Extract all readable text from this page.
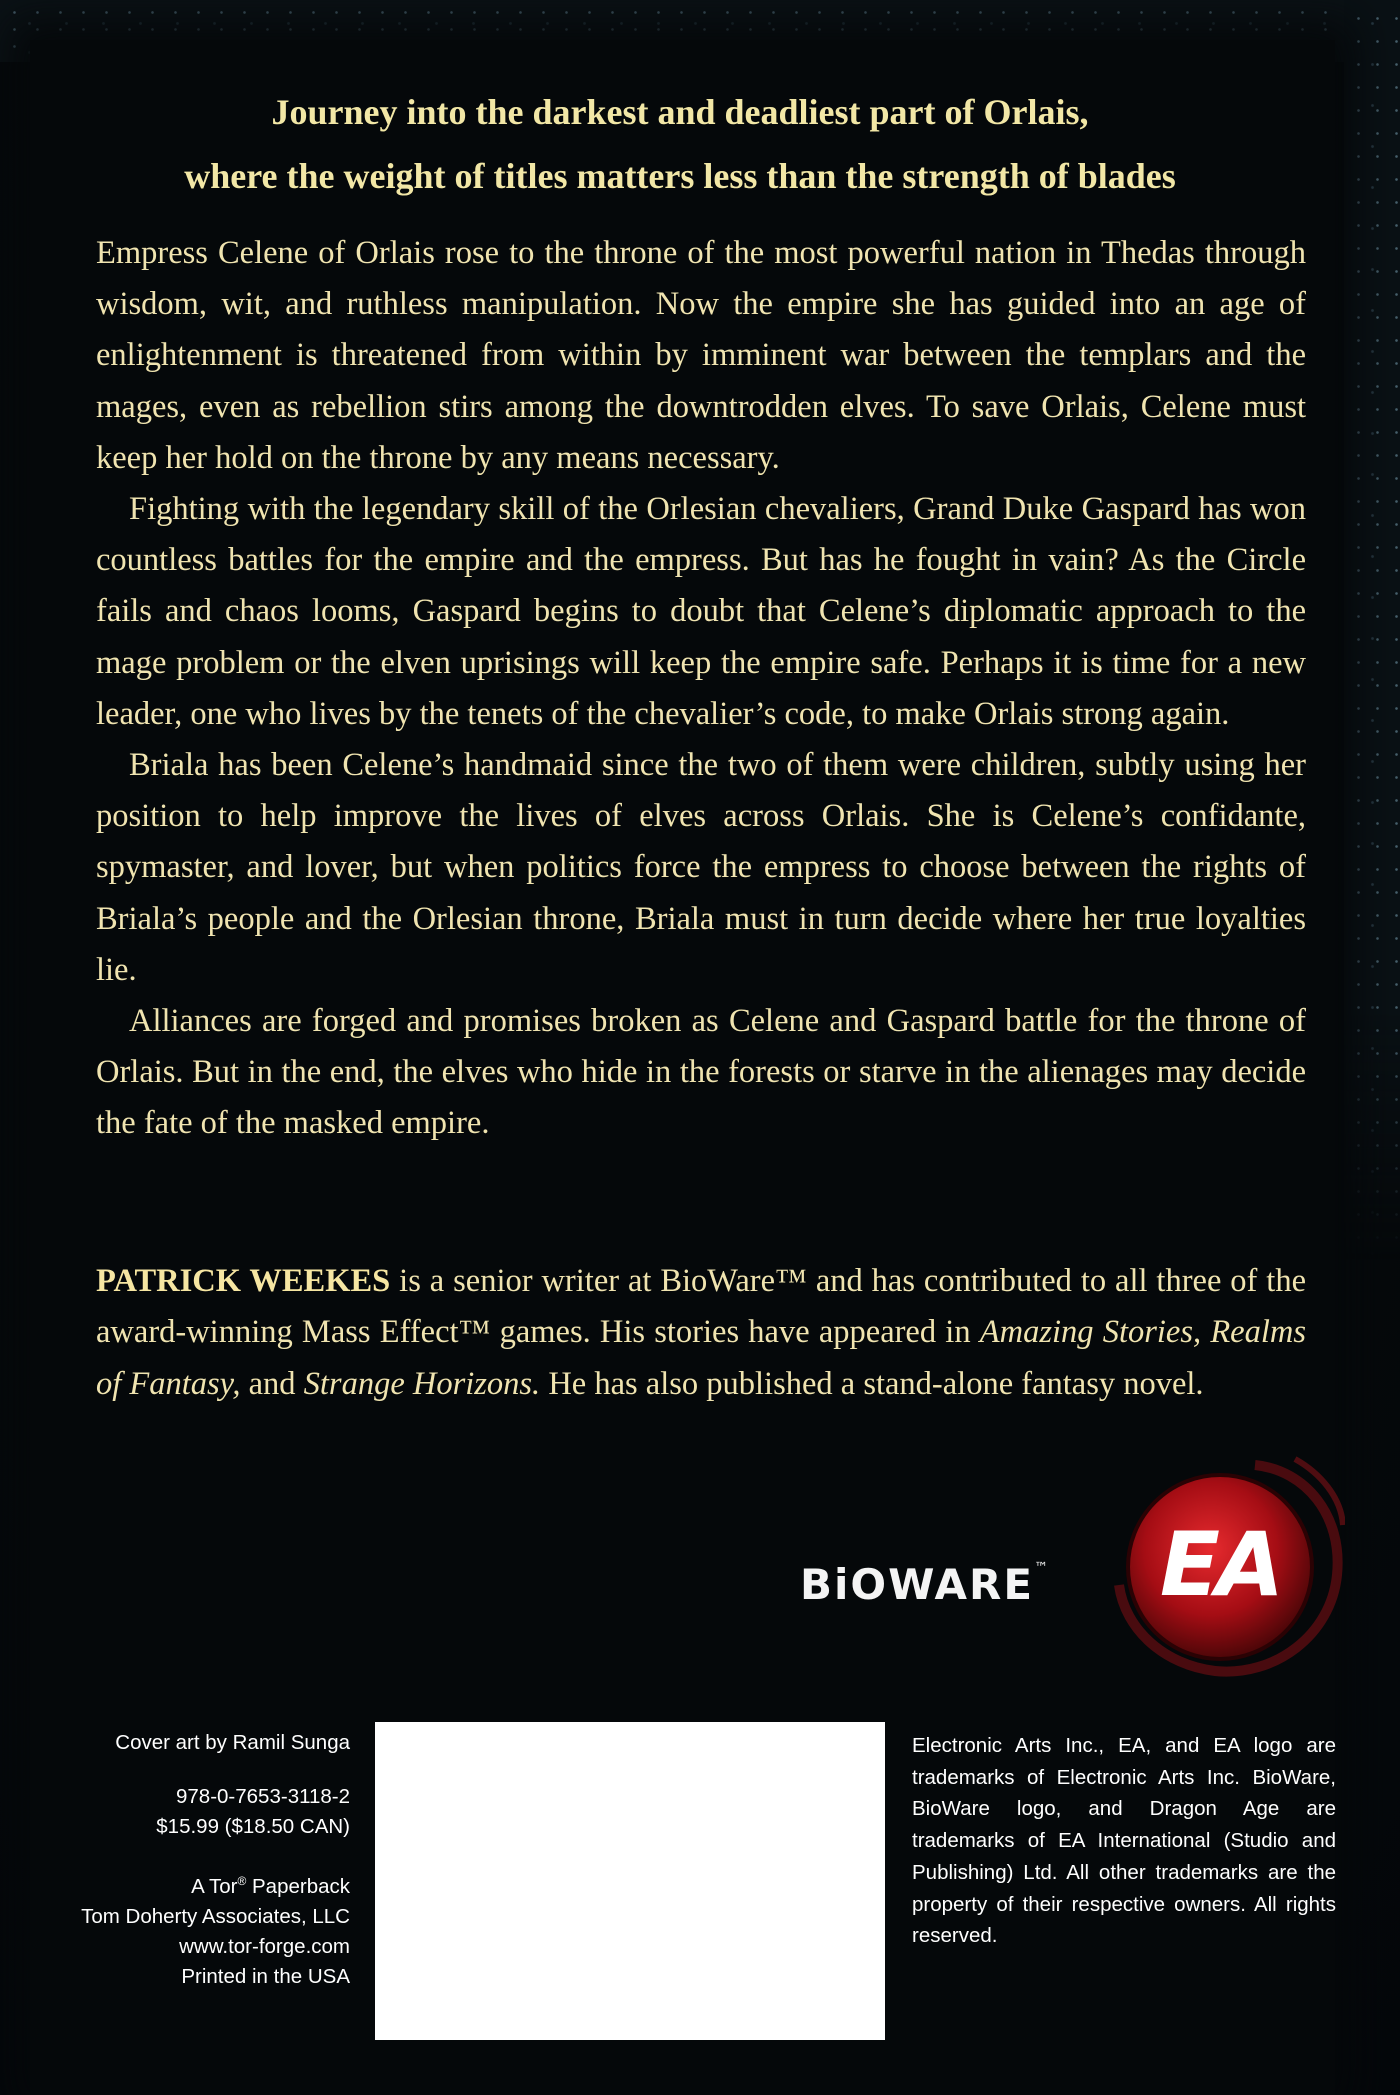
Journey into the darkest and deadliest part of Orlais,
where the weight of titles matters less than the strength of blades

Empress Celene of Orlais rose to the throne of the most powerful nation in Thedas through wisdom, wit, and ruthless manipulation. Now the empire she has guided into an age of enlightenment is threatened from within by imminent war between the templars and the mages, even as rebellion stirs among the downtrodden elves. To save Orlais, Celene must keep her hold on the throne by any means necessary.

Fighting with the legendary skill of the Orlesian chevaliers, Grand Duke Gaspard has won countless battles for the empire and the empress. But has he fought in vain? As the Circle fails and chaos looms, Gaspard begins to doubt that Celene’s diplomatic approach to the mage problem or the elven uprisings will keep the empire safe. Perhaps it is time for a new leader, one who lives by the tenets of the chevalier’s code, to make Orlais strong again.

Briala has been Celene’s handmaid since the two of them were children, subtly using her position to help improve the lives of elves across Orlais. She is Celene’s confidante, spymaster, and lover, but when politics force the empress to choose between the rights of Briala’s people and the Orlesian throne, Briala must in turn decide where her true loyalties lie.

Alliances are forged and promises broken as Celene and Gaspard battle for the throne of Orlais. But in the end, the elves who hide in the forests or starve in the alienages may decide the fate of the masked empire.

PATRICK WEEKES is a senior writer at BioWare™ and has contributed to all three of the award-winning Mass Effect™ games. His stories have appeared in Amazing Stories, Realms of Fantasy, and Strange Horizons. He has also published a stand-alone fantasy novel.

BiOWARE™ EA
Cover art by Ramil Sunga
978-0-7653-3118-2
$15.99 ($18.50 CAN)
A Tor® Paperback
Tom Doherty Associates, LLC
www.tor-forge.com
Printed in the USA

Electronic Arts Inc., EA, and EA logo are trademarks of Electronic Arts Inc. BioWare, BioWare logo, and Dragon Age are trademarks of EA International (Studio and Publishing) Ltd. All other trademarks are the property of their respective owners. All rights reserved.
